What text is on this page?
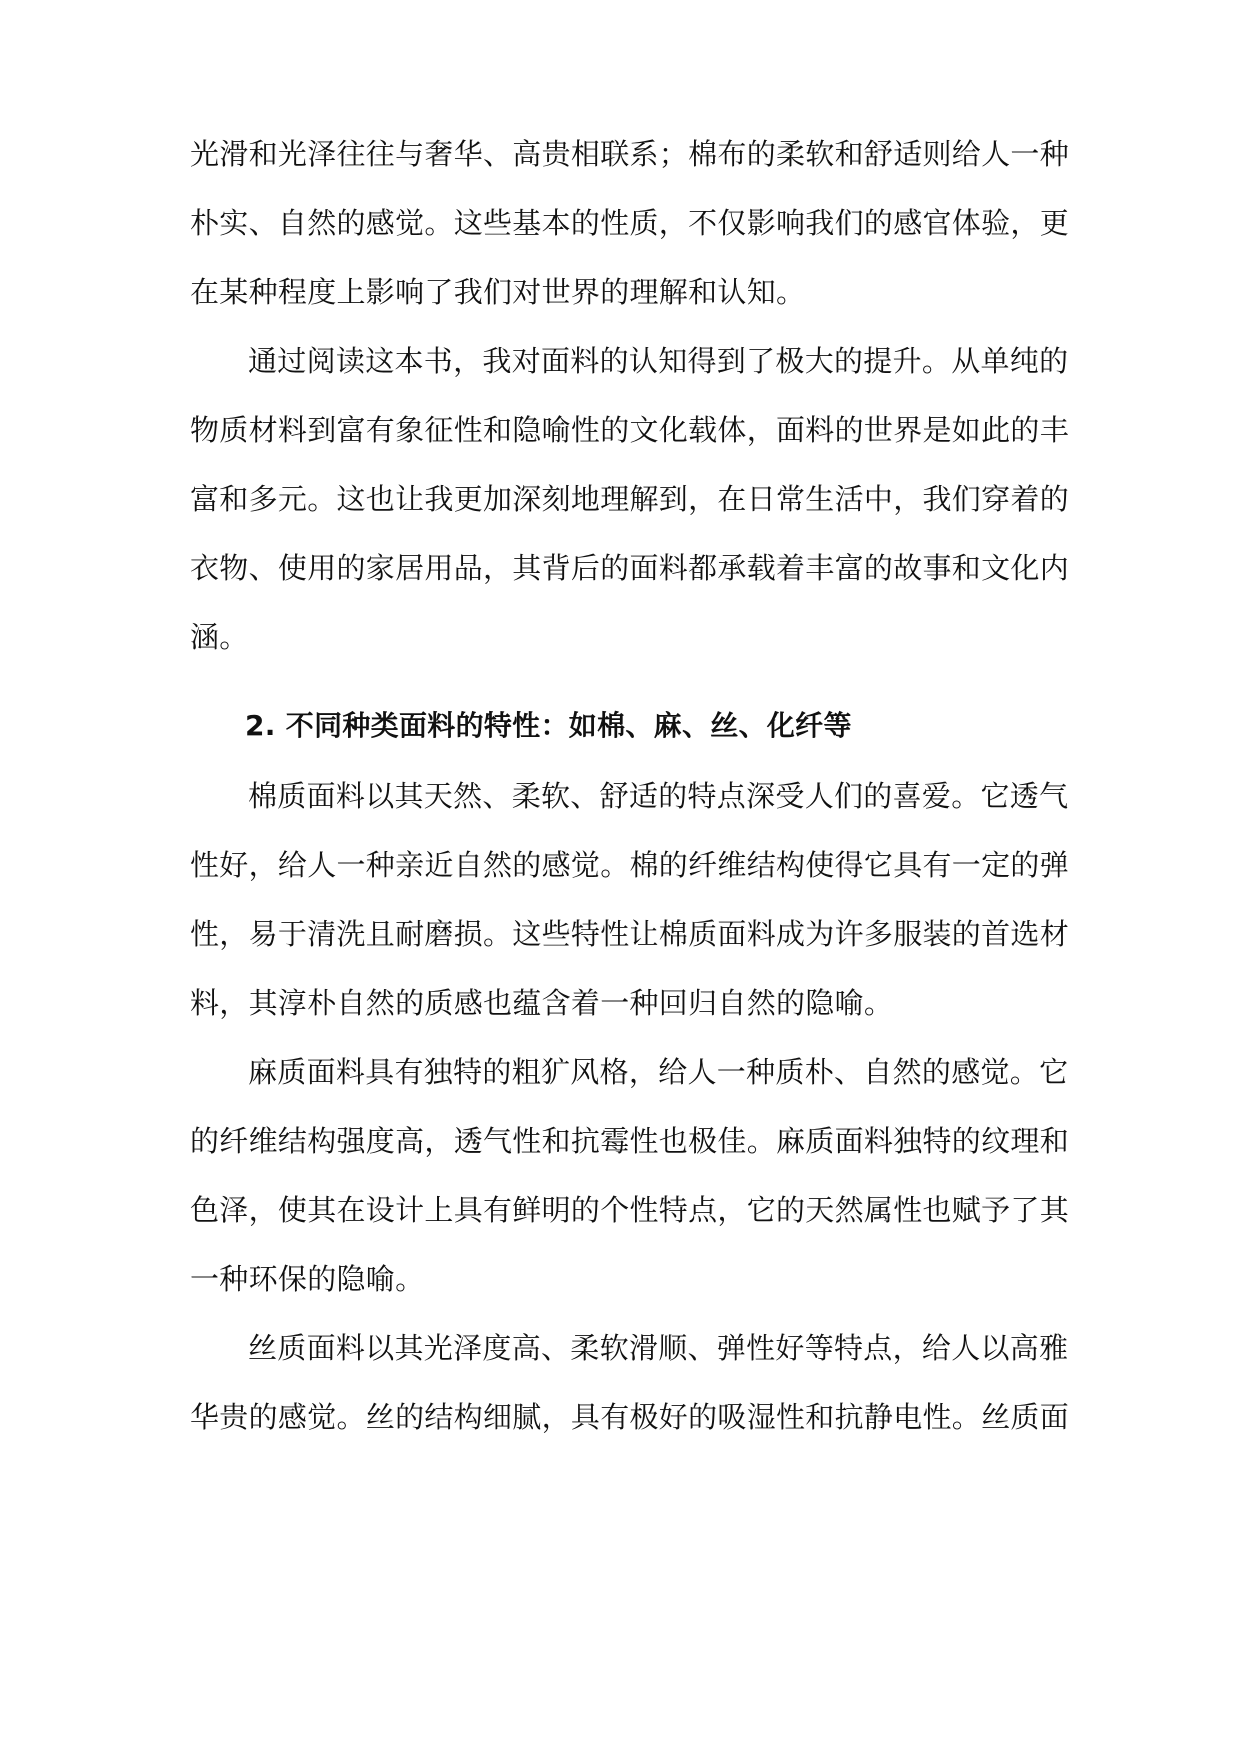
光滑和光泽往往与奢华、高贵相联系；棉布的柔软和舒适则给人一种
朴实、自然的感觉。这些基本的性质，不仅影响我们的感官体验，更
在某种程度上影响了我们对世界的理解和认知。
通过阅读这本书，我对面料的认知得到了极大的提升。从单纯的
物质材料到富有象征性和隐喻性的文化载体，面料的世界是如此的丰
富和多元。这也让我更加深刻地理解到，在日常生活中，我们穿着的
衣物、使用的家居用品，其背后的面料都承载着丰富的故事和文化内
涵。
2. 不同种类面料的特性：如棉、麻、丝、化纤等
棉质面料以其天然、柔软、舒适的特点深受人们的喜爱。它透气
性好，给人一种亲近自然的感觉。棉的纤维结构使得它具有一定的弹
性，易于清洗且耐磨损。这些特性让棉质面料成为许多服装的首选材
料，其淳朴自然的质感也蕴含着一种回归自然的隐喻。
麻质面料具有独特的粗犷风格，给人一种质朴、自然的感觉。它
的纤维结构强度高，透气性和抗霉性也极佳。麻质面料独特的纹理和
色泽，使其在设计上具有鲜明的个性特点，它的天然属性也赋予了其
一种环保的隐喻。
丝质面料以其光泽度高、柔软滑顺、弹性好等特点，给人以高雅
华贵的感觉。丝的结构细腻，具有极好的吸湿性和抗静电性。丝质面
